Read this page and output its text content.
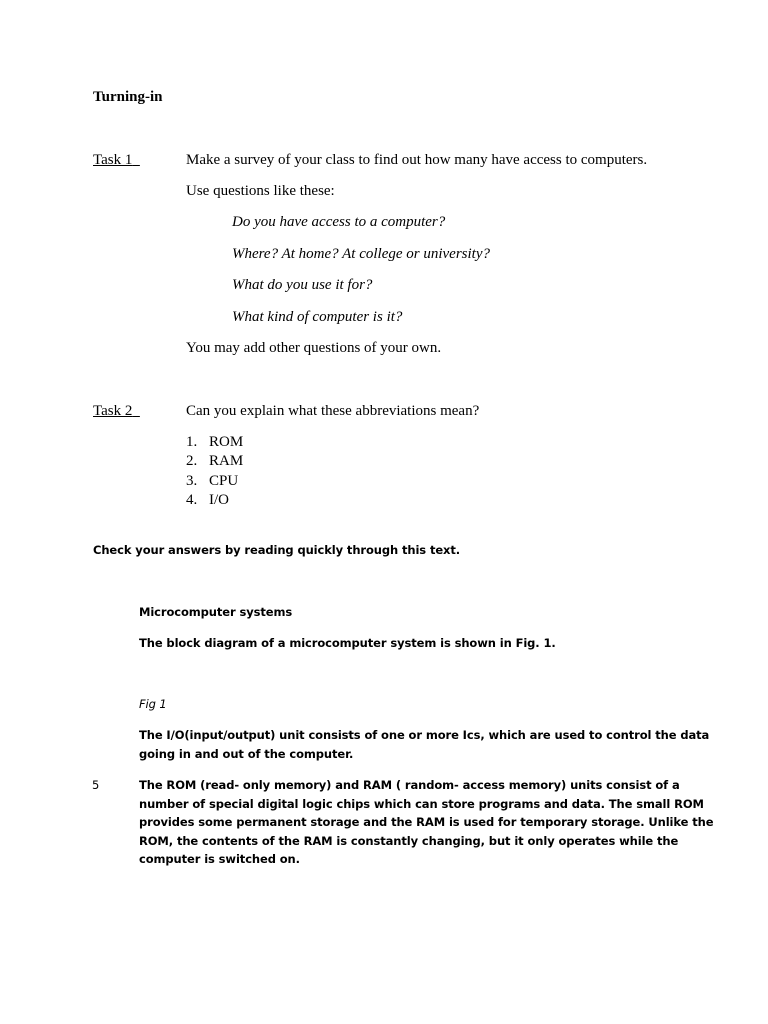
Turning-in
Task 1	Make a survey of your class to find out how many have access to computers.
Use questions like these:
Do you have access to a computer?
Where? At home? At college or university?
What do you use it for?
What kind of computer is it?
You may add other questions of your own.
Task 2	Can you explain what these abbreviations mean?
1. ROM
2. RAM
3. CPU
4. I/O
Check your answers by reading quickly through this text.
Microcomputer systems
The block diagram of a microcomputer system is shown in Fig. 1.
Fig 1
The I/O(input/output) unit consists of one or more Ics, which are used to control the data
going in and out of the computer.
5	The ROM (read- only memory) and RAM ( random- access memory) units consist of a
number of special digital logic chips which can store programs and data. The small ROM
provides some permanent storage and the RAM is used for temporary storage. Unlike the
ROM, the contents of the RAM is constantly changing, but it only operates while the
computer is switched on.
